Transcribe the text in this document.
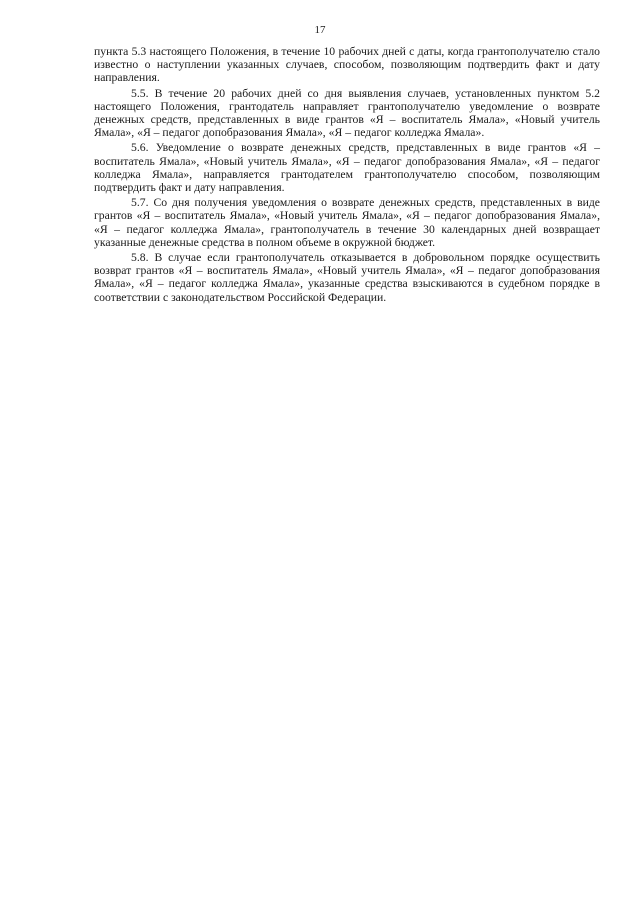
17

пункта 5.3 настоящего Положения, в течение 10 рабочих дней с даты, когда грантополучателю стало известно о наступлении указанных случаев, способом, позволяющим подтвердить факт и дату направления.

5.5. В течение 20 рабочих дней со дня выявления случаев, установленных пунктом 5.2 настоящего Положения, грантодатель направляет грантополучателю уведомление о возврате денежных средств, представленных в виде грантов «Я – воспитатель Ямала», «Новый учитель Ямала», «Я – педагог допобразования Ямала», «Я – педагог колледжа Ямала».

5.6. Уведомление о возврате денежных средств, представленных в виде грантов «Я – воспитатель Ямала», «Новый учитель Ямала», «Я – педагог допобразования Ямала», «Я – педагог колледжа Ямала», направляется грантодателем грантополучателю способом, позволяющим подтвердить факт и дату направления.

5.7. Со дня получения уведомления о возврате денежных средств, представленных в виде грантов «Я – воспитатель Ямала», «Новый учитель Ямала», «Я – педагог допобразования Ямала», «Я – педагог колледжа Ямала», грантополучатель в течение 30 календарных дней возвращает указанные денежные средства в полном объеме в окружной бюджет.

5.8. В случае если грантополучатель отказывается в добровольном порядке осуществить возврат грантов «Я – воспитатель Ямала», «Новый учитель Ямала», «Я – педагог допобразования Ямала», «Я – педагог колледжа Ямала», указанные средства взыскиваются в судебном порядке в соответствии с законодательством Российской Федерации.
